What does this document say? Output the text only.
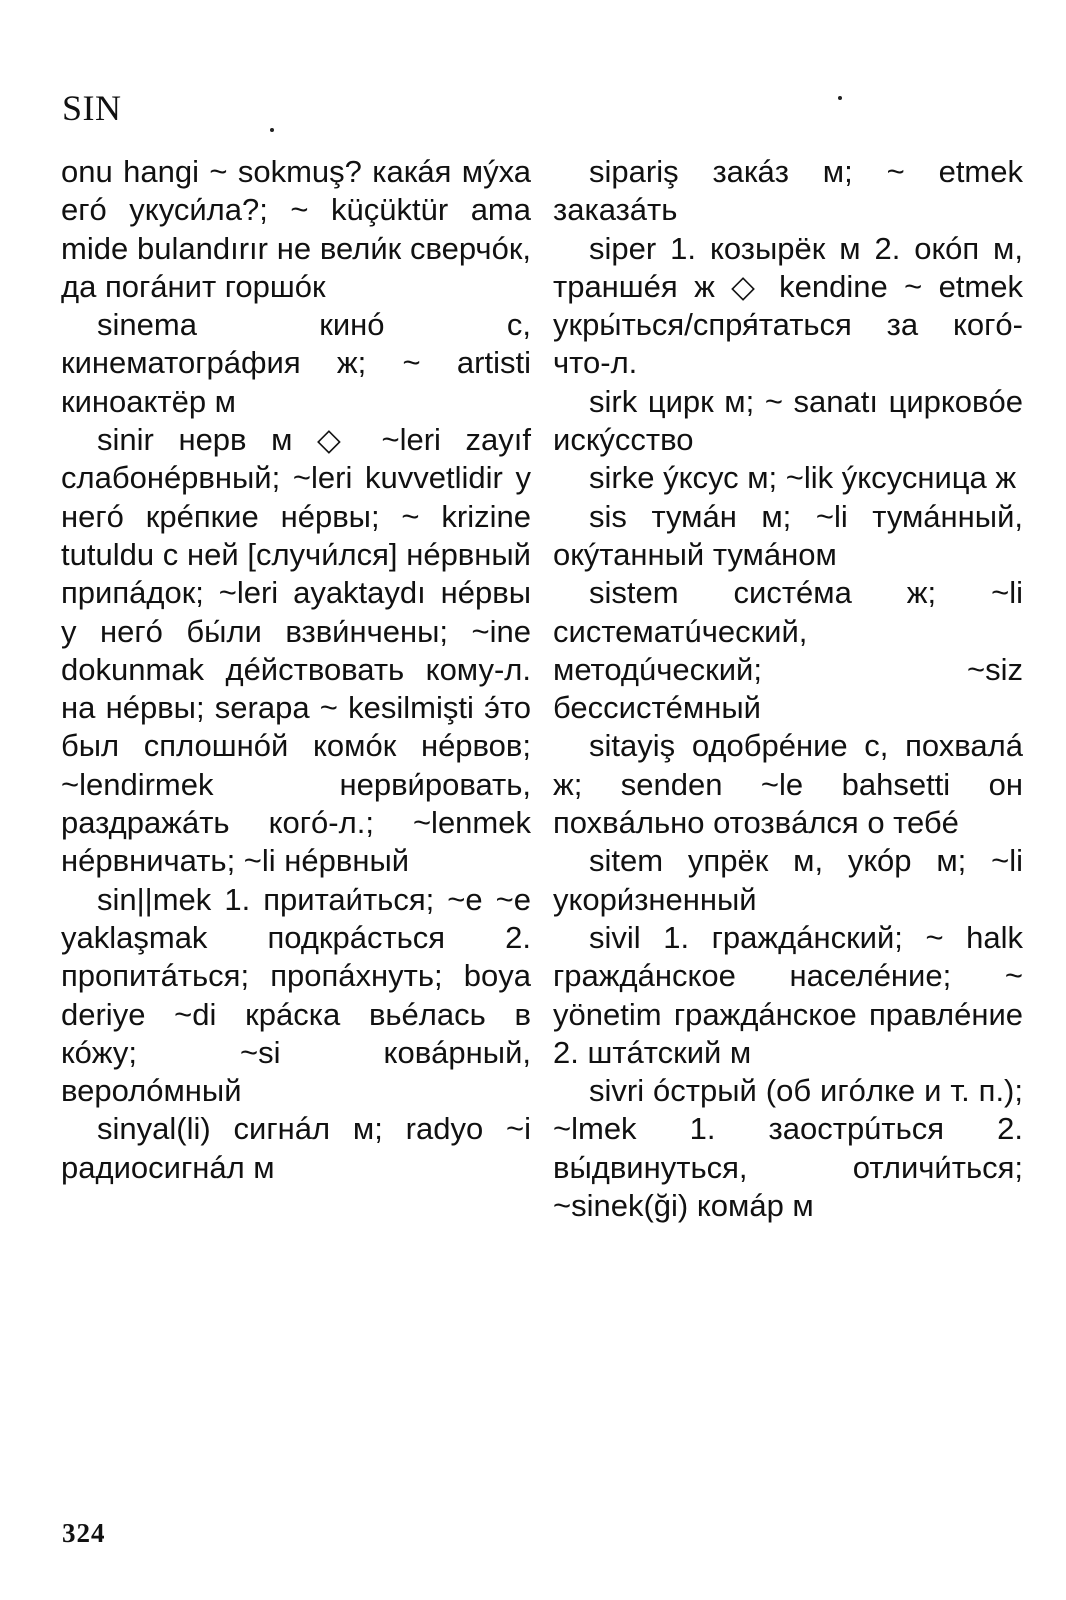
SIN

onu hangi ~ sokmuş? какáя мýха егó укуси́ла?; ~ küçüktür ama mide bulandırır не вели́к сверчóк, да погáнит горшóк

sinema кинó с, кинематогрáфия ж; ~ artisti киноактёр м

sinir нерв м ◇ ~leri zayıf слабонéрвный; ~leri kuvvetlidir у негó крéпкие нéрвы; ~ krizine tutuldu с ней [случи́лся] нéрвный припáдок; ~leri ayaktaydı нéрвы у негó бы́ли взви́нчены; ~ine dokunmak дéйствовать кому-л. на нéрвы; serapa ~ kesilmişti э́то был сплошнóй комóк нéрвов; ~lendirmek нерви́ровать, раздражáть когó-л.; ~lenmek нéрвничать; ~li нéрвный

sin||mek 1. притаи́ться; ~e ~e yaklaşmak подкрáсться 2. пропитáться; пропáхнуть; boya deriye ~di крáска вьéлась в кóжу; ~si ковáрный, веролóмный

sinyal(li) сигнáл м; radyo ~i радиосигнáл м

sipariş закáз м; ~ etmek заказáть

siper 1. козырёк м 2. окóп м, траншéя ж ◇ kendine ~ etmek укры́ться/спря́таться за когó-что-л.

sirk цирк м; ~ sanatı цирковóе искýсство

sirke ýксус м; ~lik ýксусница ж

sis тумáн м; ~li тумáнный, окýтанный тумáном

sistem систéма ж; ~li систематúческий, методúческий; ~siz бессистéмный

sitayiş одобрéние с, похвалá ж; senden ~le bahsetti он похвáльно отозвáлся о тебé

sitem упрёк м, укóр м; ~li укори́зненный

sivil 1. граждáнский; ~ halk граждáнское населéние; ~ yönetim граждáнское правлéние 2. штáтский м

sivri óстрый (об игóлке и т. п.); ~lmek 1. заострúться 2. вы́двинуться, отличи́ться; ~sinek(ği) комáр м

324
